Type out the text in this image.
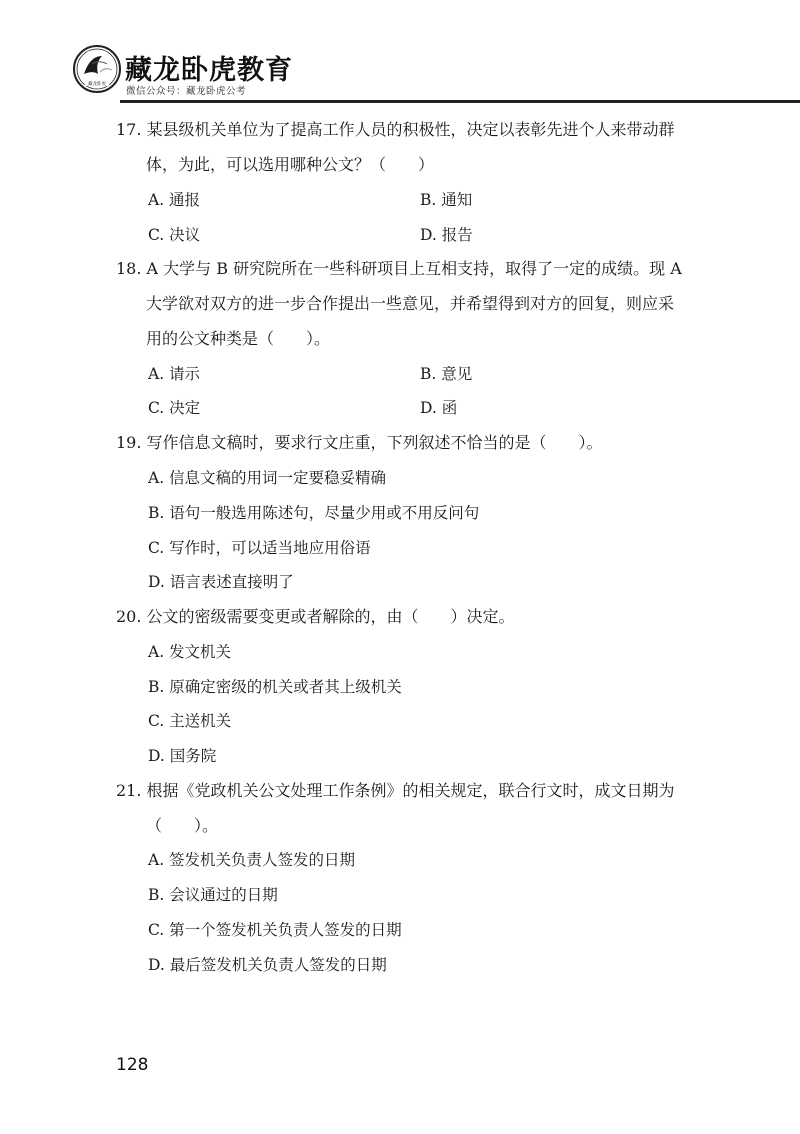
藏龙卧虎 藏龙卧虎教育
微信公众号：藏龙卧虎公考
17. 某县级机关单位为了提高工作人员的积极性，决定以表彰先进个人来带动群
体，为此，可以选用哪种公文？（　　）
A. 通报	B. 通知
C. 决议	D. 报告
18. A 大学与 B 研究院所在一些科研项目上互相支持，取得了一定的成绩。现 A
大学欲对双方的进一步合作提出一些意见，并希望得到对方的回复，则应采
用的公文种类是（　　）。
A. 请示	B. 意见
C. 决定	D. 函
19. 写作信息文稿时，要求行文庄重，下列叙述不恰当的是（　　）。
A. 信息文稿的用词一定要稳妥精确
B. 语句一般选用陈述句，尽量少用或不用反问句
C. 写作时，可以适当地应用俗语
D. 语言表述直接明了
20. 公文的密级需要变更或者解除的，由（　　）决定。
A. 发文机关
B. 原确定密级的机关或者其上级机关
C. 主送机关
D. 国务院
21. 根据《党政机关公文处理工作条例》的相关规定，联合行文时，成文日期为
（　　）。
A. 签发机关负责人签发的日期
B. 会议通过的日期
C. 第一个签发机关负责人签发的日期
D. 最后签发机关负责人签发的日期
128
